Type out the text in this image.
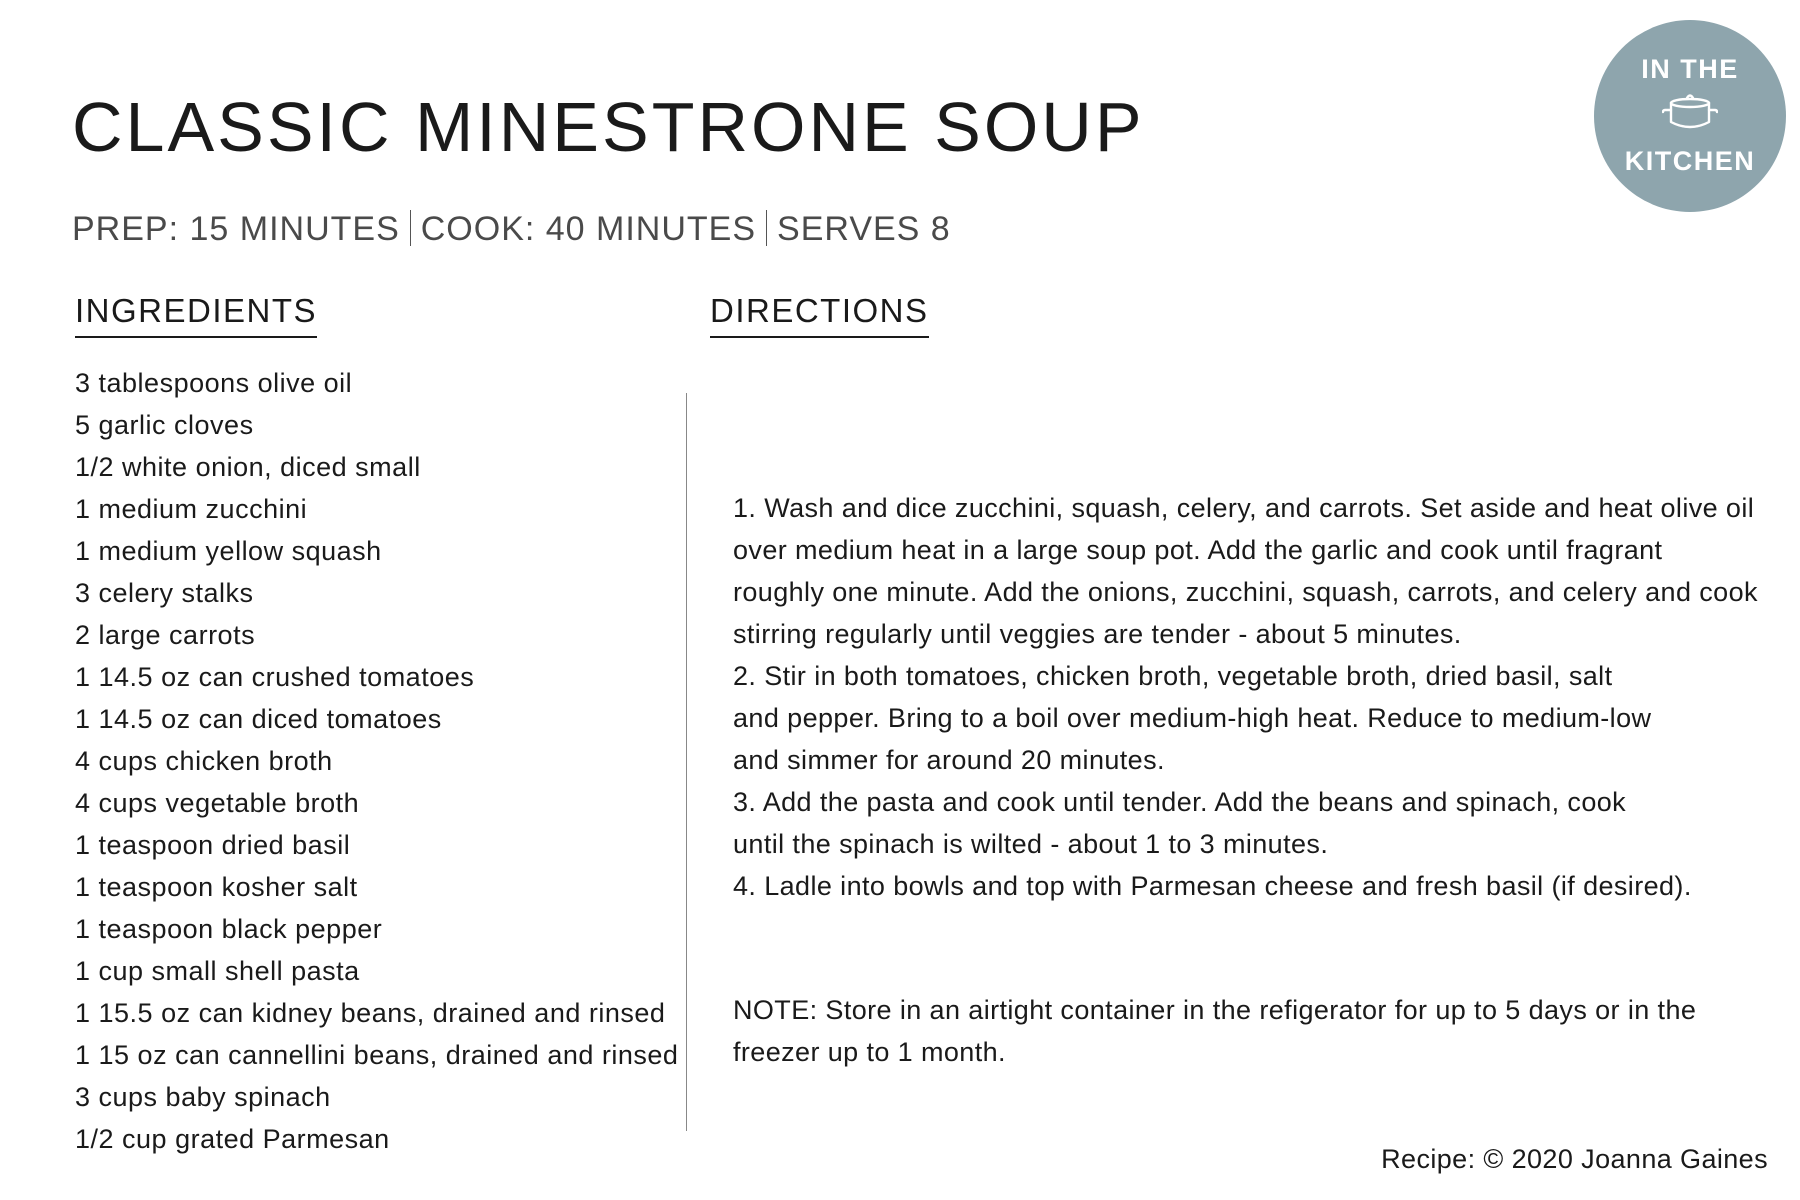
IN THE
KITCHEN
CLASSIC MINESTRONE SOUP
PREP: 15 MINUTES COOK: 40 MINUTES SERVES 8
INGREDIENTS	DIRECTIONS
3 tablespoons olive oil
5 garlic cloves
1/2 white onion, diced small
1 medium zucchini
1 medium yellow squash
3 celery stalks
2 large carrots
1 14.5 oz can crushed tomatoes
1 14.5 oz can diced tomatoes
4 cups chicken broth
4 cups vegetable broth
1 teaspoon dried basil
1 teaspoon kosher salt
1 teaspoon black pepper
1 cup small shell pasta
1 15.5 oz can kidney beans, drained and rinsed
1 15 oz can cannellini beans, drained and rinsed
3 cups baby spinach
1/2 cup grated Parmesan
1. Wash and dice zucchini, squash, celery, and carrots. Set aside and heat olive oil
over medium heat in a large soup pot. Add the garlic and cook until fragrant
roughly one minute. Add the onions, zucchini, squash, carrots, and celery and cook
stirring regularly until veggies are tender - about 5 minutes.
2. Stir in both tomatoes, chicken broth, vegetable broth, dried basil, salt
and pepper. Bring to a boil over medium-high heat. Reduce to medium-low
and simmer for around 20 minutes.
3. Add the pasta and cook until tender. Add the beans and spinach, cook
until the spinach is wilted - about 1 to 3 minutes.
4. Ladle into bowls and top with Parmesan cheese and fresh basil (if desired).
NOTE: Store in an airtight container in the refigerator for up to 5 days or in the
freezer up to 1 month.
Recipe: © 2020 Joanna Gaines
